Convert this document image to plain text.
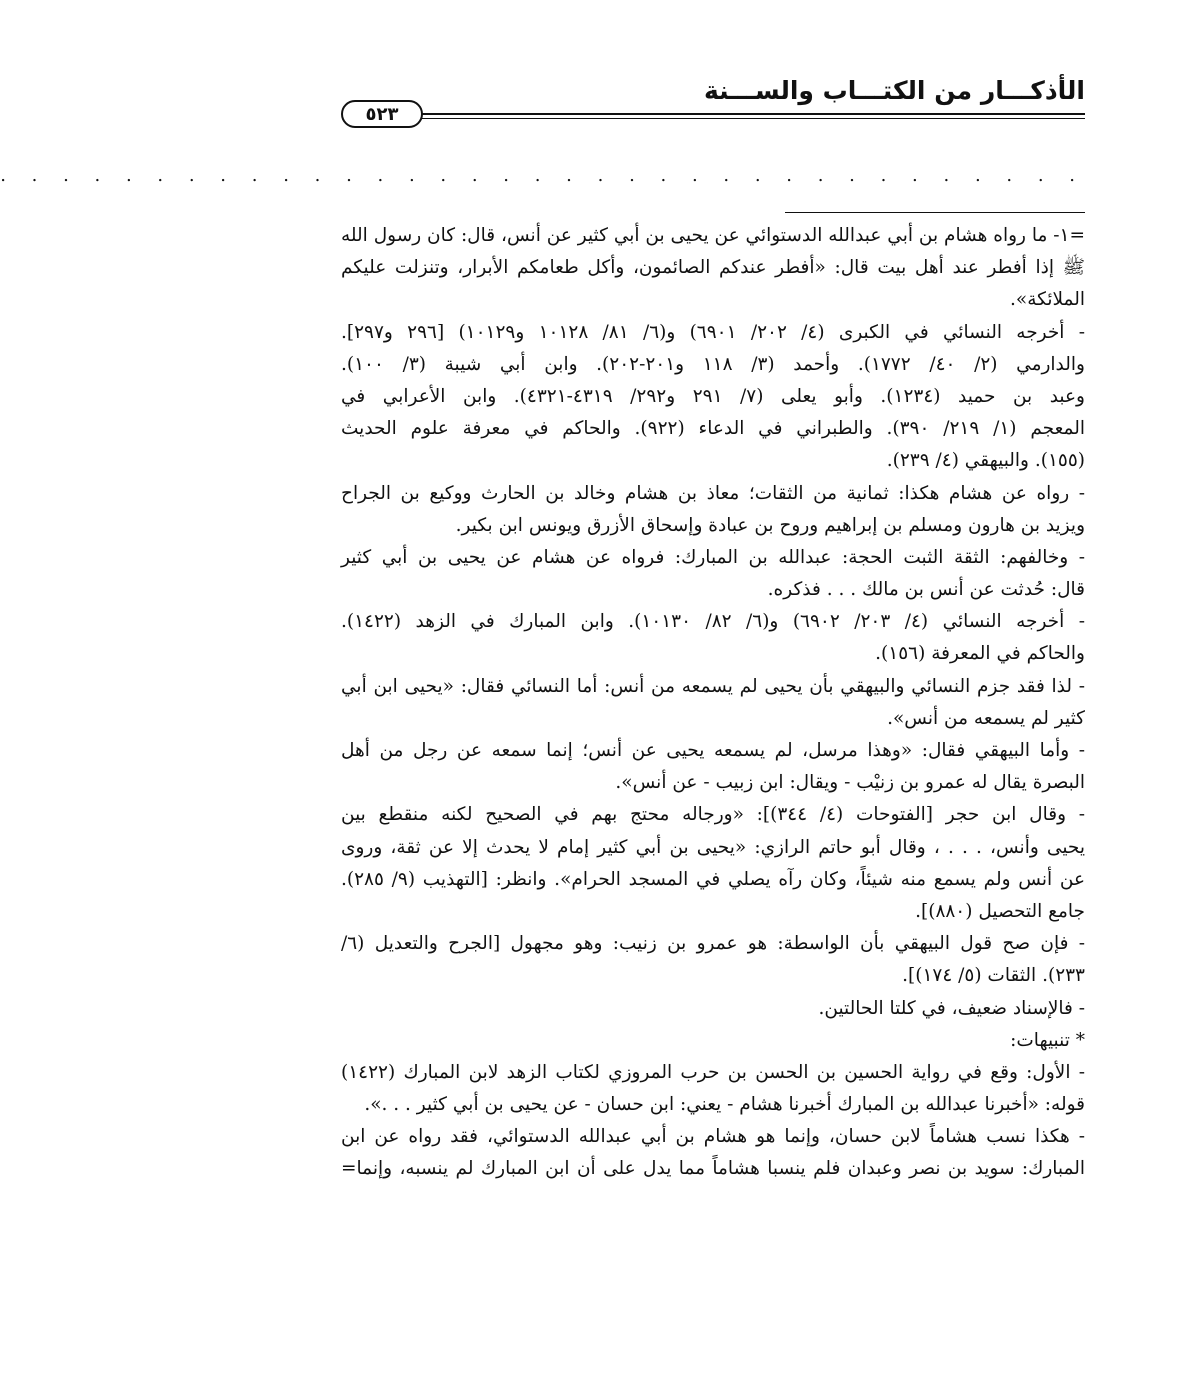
الأذكـــار من الكتـــاب والســـنة
٥٢٣
. . . . . . . . . . . . . . . . . . . . . . . . . . . . . . . . . . .
=١- ما رواه هشام بن أبي عبدالله الدستوائي عن يحيى بن أبي كثير عن أنس، قال: كان رسول الله
ﷺ إذا أفطر عند أهل بيت قال: «أفطر عندكم الصائمون، وأكل طعامكم الأبرار، وتنزلت عليكم
الملائكة».
- أخرجه النسائي في الكبرى (٤/ ٢٠٢/ ٦٩٠١) و(٦/ ٨١/ ١٠١٢٨ و١٠١٢٩) [٢٩٦ و٢٩٧].
والدارمي (٢/ ٤٠/ ١٧٧٢). وأحمد (٣/ ١١٨ و٢٠١-٢٠٢). وابن أبي شيبة (٣/ ١٠٠).
وعبد بن حميد (١٢٣٤). وأبو يعلى (٧/ ٢٩١ و٢٩٢/ ٤٣١٩-٤٣٢١). وابن الأعرابي في
المعجم (١/ ٢١٩/ ٣٩٠). والطبراني في الدعاء (٩٢٢). والحاكم في معرفة علوم الحديث
(١٥٥). والبيهقي (٤/ ٢٣٩).
- رواه عن هشام هكذا: ثمانية من الثقات؛ معاذ بن هشام وخالد بن الحارث ووكيع بن الجراح
ويزيد بن هارون ومسلم بن إبراهيم وروح بن عبادة وإسحاق الأزرق ويونس ابن بكير.
- وخالفهم: الثقة الثبت الحجة: عبدالله بن المبارك: فرواه عن هشام عن يحيى بن أبي كثير
قال: حُدثت عن أنس بن مالك . . . فذكره.
- أخرجه النسائي (٤/ ٢٠٣/ ٦٩٠٢) و(٦/ ٨٢/ ١٠١٣٠). وابن المبارك في الزهد (١٤٢٢).
والحاكم في المعرفة (١٥٦).
- لذا فقد جزم النسائي والبيهقي بأن يحيى لم يسمعه من أنس: أما النسائي فقال: «يحيى ابن أبي
كثير لم يسمعه من أنس».
- وأما البيهقي فقال: «وهذا مرسل، لم يسمعه يحيى عن أنس؛ إنما سمعه عن رجل من أهل
البصرة يقال له عمرو بن زنيْب - ويقال: ابن زبيب - عن أنس».
- وقال ابن حجر [الفتوحات (٤/ ٣٤٤)]: «ورجاله محتج بهم في الصحيح لكنه منقطع بين
يحيى وأنس، . . . ، وقال أبو حاتم الرازي: «يحيى بن أبي كثير إمام لا يحدث إلا عن ثقة، وروى
عن أنس ولم يسمع منه شيئاً، وكان رآه يصلي في المسجد الحرام». وانظر: [التهذيب (٩/ ٢٨٥).
جامع التحصيل (٨٨٠)].
- فإن صح قول البيهقي بأن الواسطة: هو عمرو بن زنيب: وهو مجهول [الجرح والتعديل (٦/
٢٣٣). الثقات (٥/ ١٧٤)].
- فالإسناد ضعيف، في كلتا الحالتين.
* تنبيهات:
- الأول: وقع في رواية الحسين بن الحسن بن حرب المروزي لكتاب الزهد لابن المبارك (١٤٢٢)
قوله: «أخبرنا عبدالله بن المبارك أخبرنا هشام - يعني: ابن حسان - عن يحيى بن أبي كثير . . .».
- هكذا نسب هشاماً لابن حسان، وإنما هو هشام بن أبي عبدالله الدستوائي، فقد رواه عن ابن
المبارك: سويد بن نصر وعبدان فلم ينسبا هشاماً مما يدل على أن ابن المبارك لم ينسبه، وإنما=
